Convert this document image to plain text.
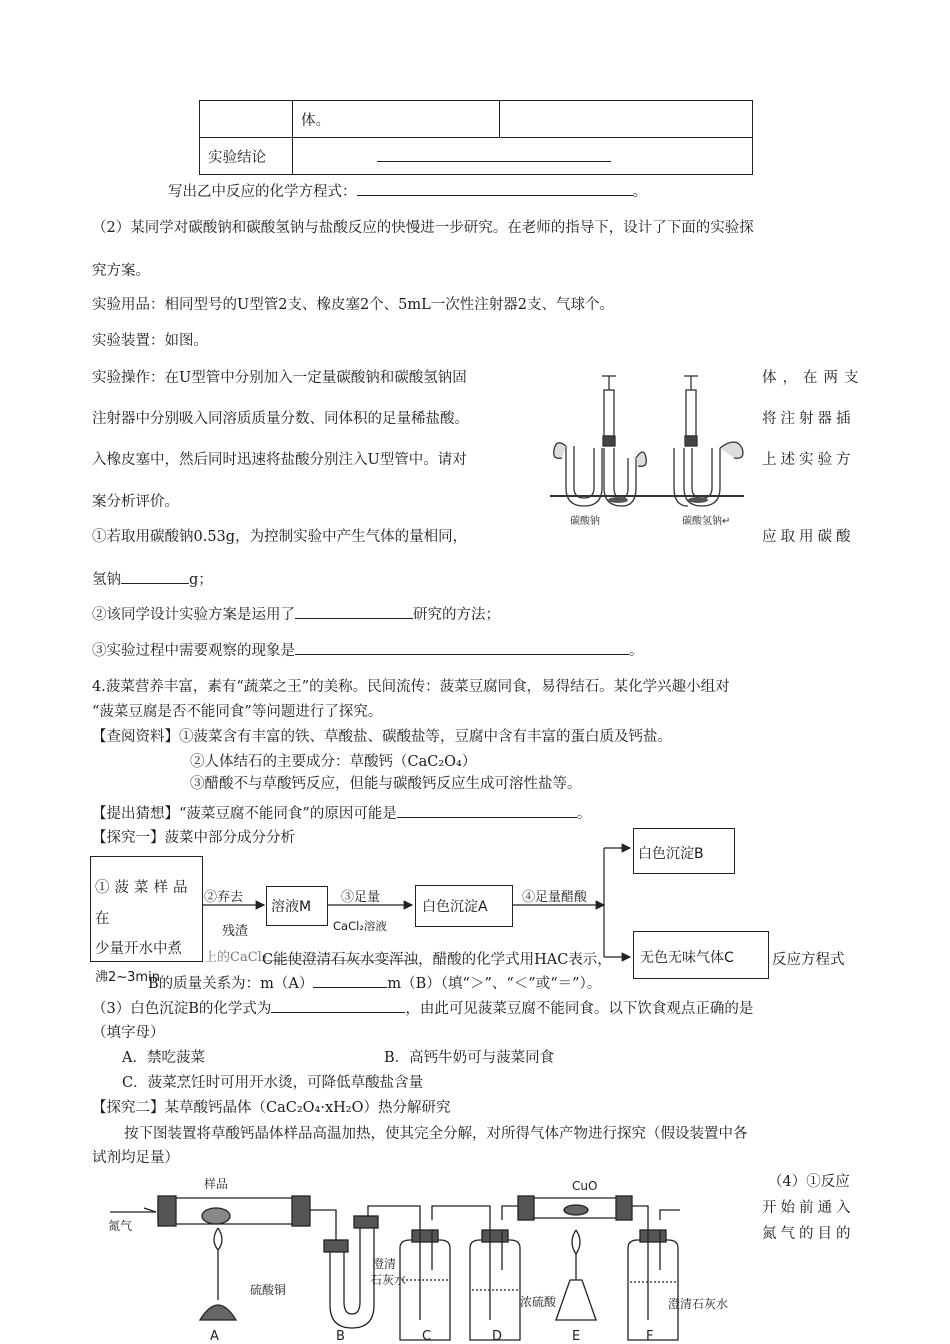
	体。	
实验结论		
写出乙中反应的化学方程式：	。
（2）某同学对碳酸钠和碳酸氢钠与盐酸反应的快慢进一步研究。在老师的指导下，设计了下面的实验探
究方案。
实验用品：相同型号的U型管2支、橡皮塞2个、5mL一次性注射器2支、气球个。
实验装置：如图。
实验操作：在U型管中分别加入一定量碳酸钠和碳酸氢钠固	体，在两支
注射器中分别吸入同溶质质量分数、同体积的足量稀盐酸。	将注射器插
入橡皮塞中，然后同时迅速将盐酸分别注入U型管中。请对	上述实验方
案分析评价。
碳酸钠	碳酸氢钠↵
①若取用碳酸钠0.53g，为控制实验中产生气体的量相同，	应取用碳酸
氢钠	g；
②该同学设计实验方案是运用了	研究的方法；
③实验过程中需要观察的现象是	。
4.菠菜营养丰富，素有“蔬菜之王”的美称。民间流传：菠菜豆腐同食，易得结石。某化学兴趣小组对
“菠菜豆腐是否不能同食”等问题进行了探究。
【查阅资料】①菠菜含有丰富的铁、草酸盐、碳酸盐等，豆腐中含有丰富的蛋白质及钙盐。
②人体结石的主要成分：草酸钙（CaC₂O₄）
③醋酸不与草酸钙反应，但能与碳酸钙反应生成可溶性盐等。
【提出猜想】“菠菜豆腐不能同食”的原因可能是	。
【探究一】菠菜中部分成分分析
①菠菜样品
在
少量开水中煮
沸2~3min
②弃去
残渣
溶液M
③足量
CaCl₂溶液
白色沉淀A
④足量醋酸
白色沉淀B
上的CaCl₂
C能使澄清石灰水变浑浊，醋酸的化学式用HAC表示， 无色无味气体C	反应方程式
B的质量关系为：m（A）	m（B）（填“＞”、“＜”或“＝”）。
（3）白色沉淀B的化学式为	，由此可见菠菜豆腐不能同食。以下饮食观点正确的是
（填字母）
A．禁吃菠菜	B．高钙牛奶可与菠菜同食
C．菠菜烹饪时可用开水烫，可降低草酸盐含量
【探究二】某草酸钙晶体（CaC₂O₄·xH₂O）热分解研究
按下图装置将草酸钙晶体样品高温加热，使其完全分解，对所得气体产物进行探究（假设装置中各
试剂均足量）
（4）①反应
开始前通入
氮气的目的
样品
氮气
硫酸铜
澄清
石灰水
浓硫酸
CuO
澄清石灰水
A	B	C	D	E	F
